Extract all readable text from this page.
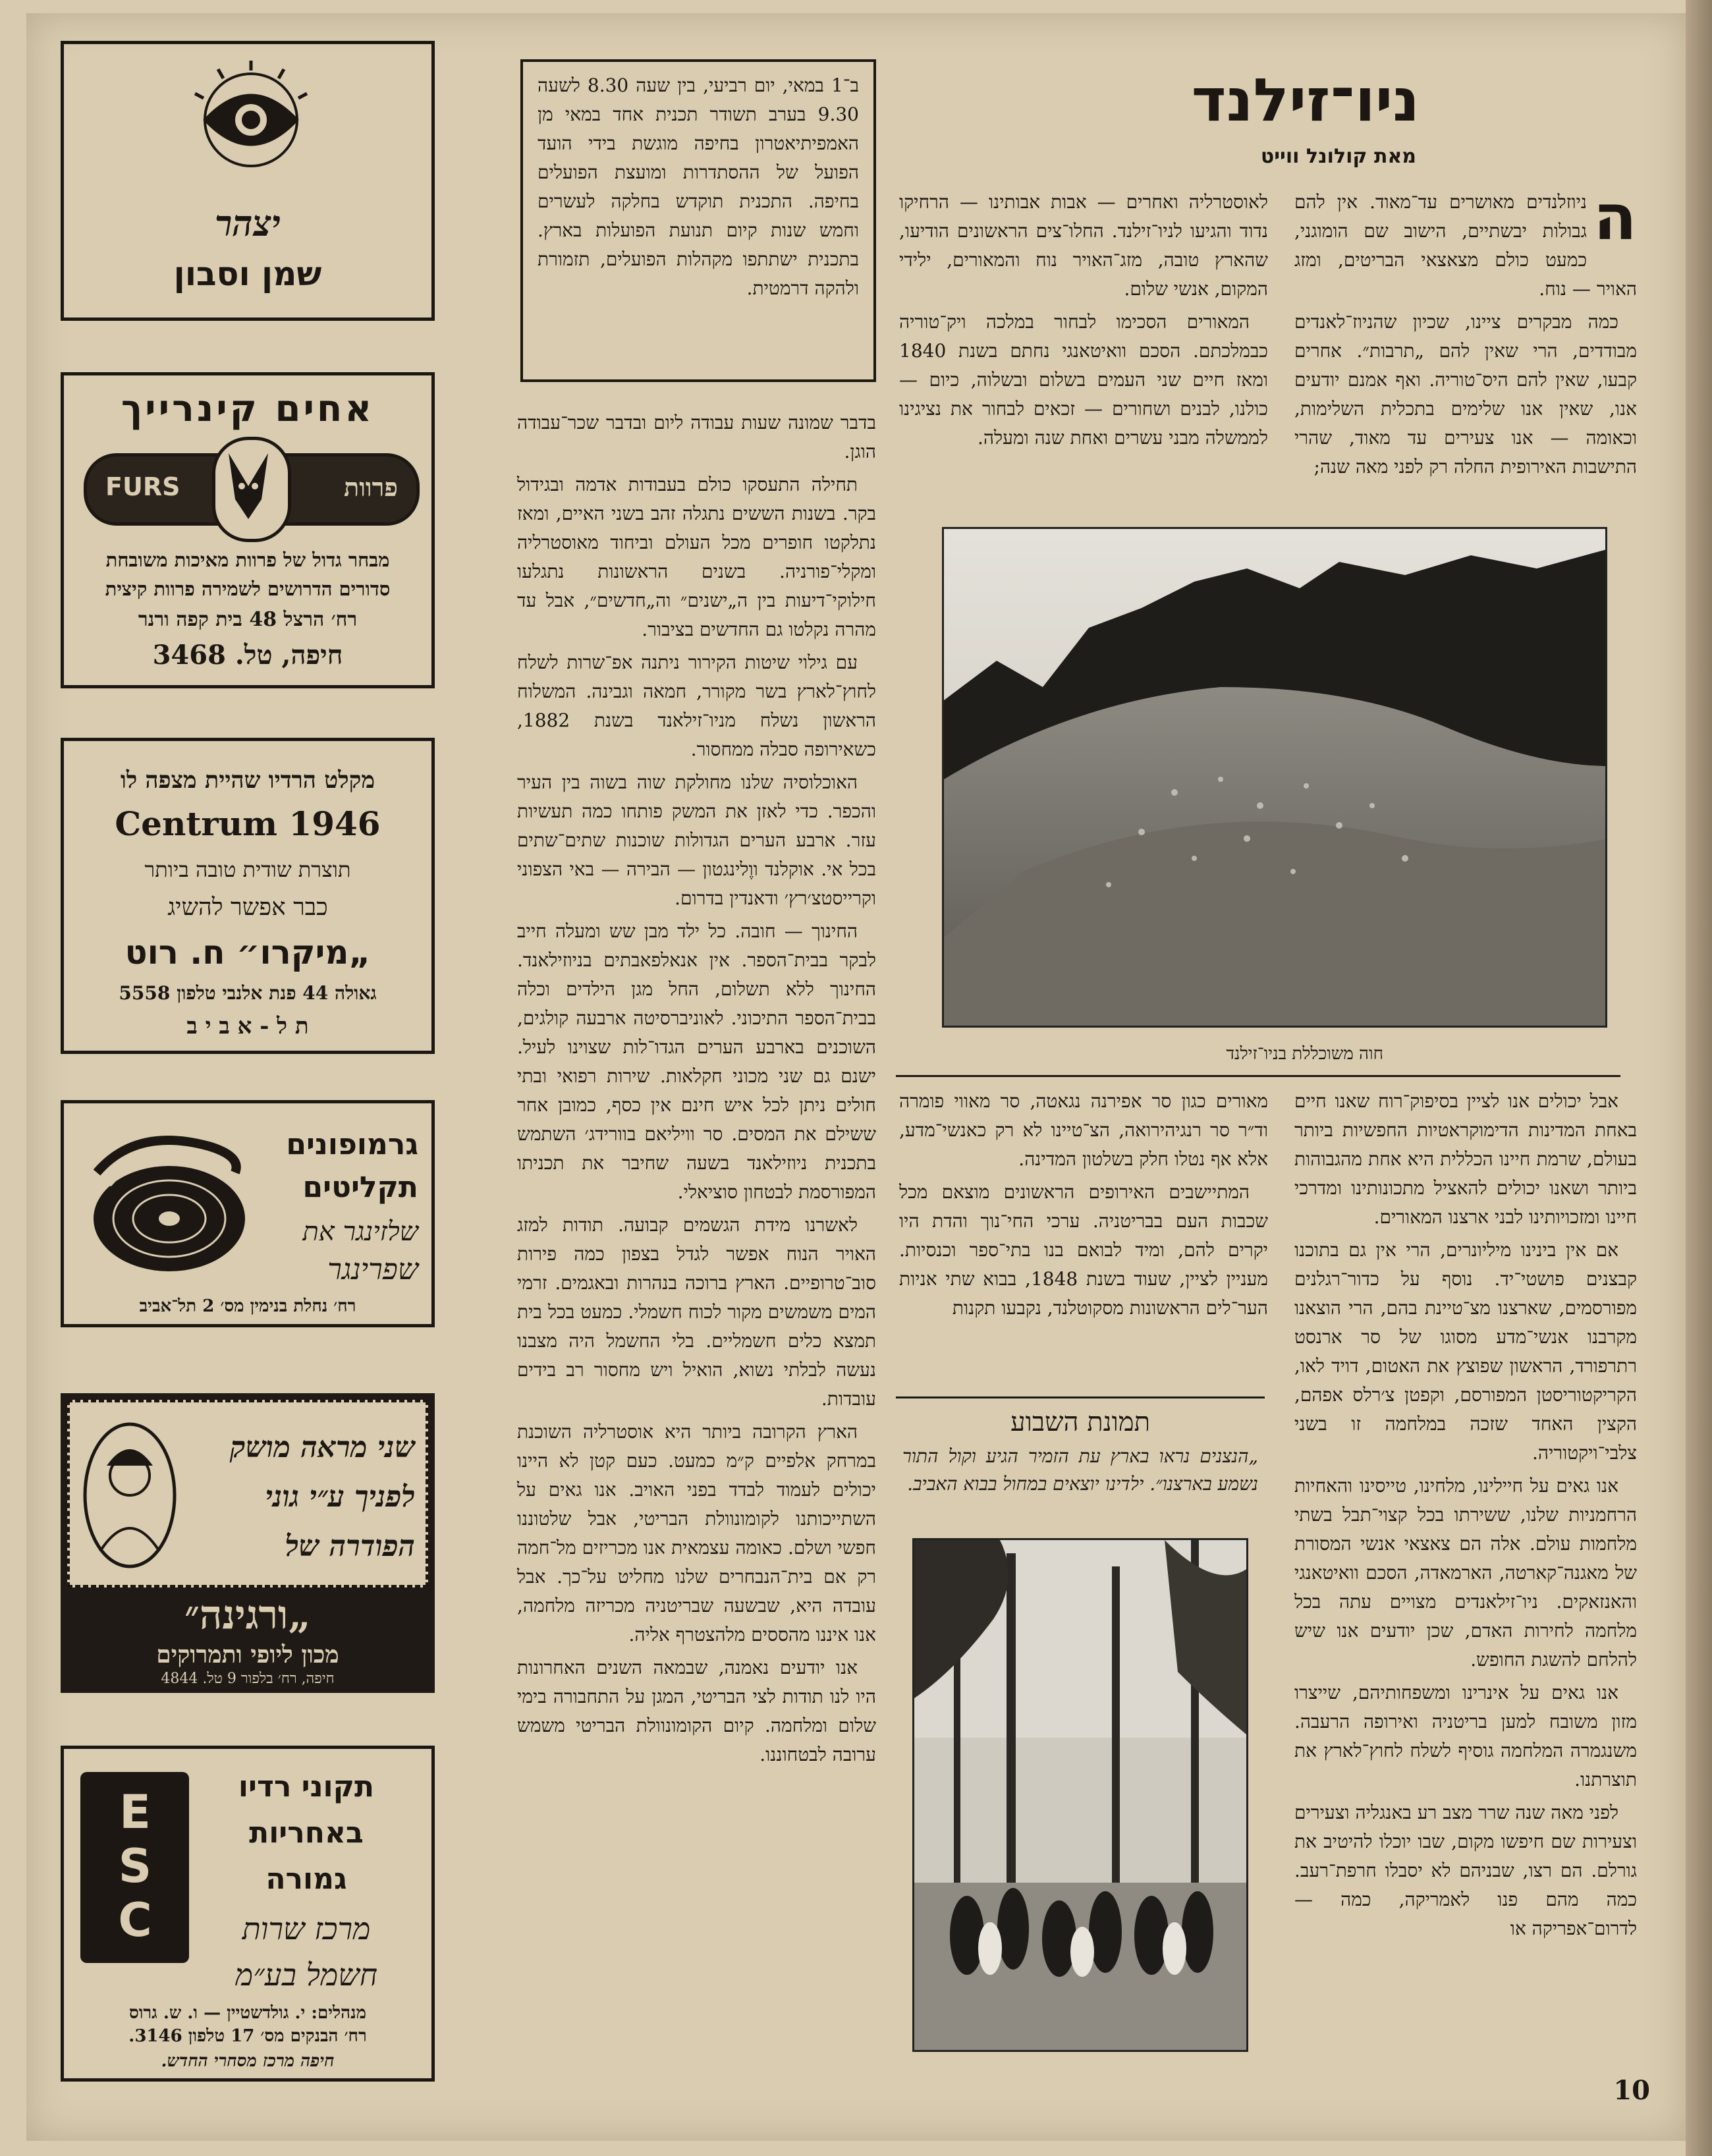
יצהר
שמן וסבון
אחים קינרייך
FURS	פרוות
מבחר גדול של פרוות מאיכות משובחת
סדורים הדרושים לשמירה פרוות קיצית
רח׳ הרצל 48 בית קפה ורנר
חיפה, טל. 3468
מקלט הרדיו שהיית מצפה לו
Centrum 1946
תוצרת שודית טובה ביותר
כבר אפשר להשיג
„מיקרו״ ח. רוט
גאולה 44 פנת אלנבי טלפון 5558
ת ל - א ב י ב
גרמופונים
תקליטים
שלזינגר את
שפרינגר
רח׳ נחלת בנימין מס׳ 2 תל־אביב
שני מראה מושק
לפניך ע״י גוני
הפודרה של
„ורגינה״
מכון ליופי ותמרוקים
חיפה, רח׳ בלפור 9 טל. 4844
ESC	תקוני רדיו
באחריות
גמורה
מרכז שרות
חשמל בע״מ
מנהלים: י. גולדשטיין — ו. ש. גרוס
רח׳ הבנקים מס׳ 17 טלפון 3146.
חיפה מרכז מסחרי החדש.
ניו־זילנד
מאת קולונל ווייט
ב־1 במאי, יום רביעי, בין שעה 8.30 לשעה 9.30 בערב תשודר תכנית אחד במאי מן האמפיתיאטרון בחיפה מוגשת בידי הועד הפועל של ההסתדרות ומועצת הפועלים בחיפה. התכנית תוקדש בחלקה לעשרים וחמש שנות קיום תנועת הפועלות בארץ. בתכנית ישתתפו מקהלות הפועלים, תזמורת ולהקה דרמטית.
ה

ניוזלנדים מאושרים עד־מאוד. אין להם גבולות יבשתיים, הישוב שם הומוגני, כמעט כולם מצאצאי הבריטים, ומזג האויר — נוח.

כמה מבקרים ציינו, שכיון שהניוז־לאנדים מבודדים, הרי שאין להם „תרבות״. אחרים קבעו, שאין להם היס־טוריה. ואף אמנם יודעים אנו, שאין אנו שלימים בתכלית השלימות, וכאומה — אנו צעירים עד מאוד, שהרי התישבות האירופית החלה רק לפני מאה שנה;

לאוסטרליה ואחרים — אבות אבותינו — הרחיקו נדוד והגיעו לניו־זילנד. החלו־צים הראשונים הודיעו, שהארץ טובה, מזג־האויר נוח והמאורים, ילידי המקום, אנשי שלום.

המאורים הסכימו לבחור במלכה ויק־טוריה כבמלכתם. הסכם וואיטאנגי נחתם בשנת 1840 ומאז חיים שני העמים בשלום ובשלוה, כיום — כולנו, לבנים ושחורים — זכאים לבחור את נציגינו לממשלה מבני עשרים ואחת שנה ומעלה.

חוה משוכללת בניו־זילנד

אבל יכולים אנו לציין בסיפוק־רוח שאנו חיים באחת המדינות הדימוקראטיות החפשיות ביותר בעולם, שרמת חיינו הכללית היא אחת מהגבוהות ביותר ושאנו יכולים להאציל מתכונותינו ומדרכי חיינו ומזכויותינו לבני ארצנו המאורים.

אם אין בינינו מיליונרים, הרי אין גם בתוכנו קבצנים פושטי־יד. נוסף על כדור־רגלנים מפורסמים, שארצנו מצ־טיינת בהם, הרי הוצאנו מקרבנו אנשי־מדע מסוגו של סר ארנסט רתרפורד, הראשון שפוצץ את האטום, דויד לאו, הקריקטוריסטן המפורסם, וקפטן צ׳רלס אפהם, הקצין האחד שזכה במלחמה זו בשני צלבי־ויקטוריה.

אנו גאים על חיילינו, מלחינו, טייסינו והאחיות הרחמניות שלנו, ששירתו בכל קצוי־תבל בשתי מלחמות עולם. אלה הם צאצאי אנשי המסורת של מאגנה־קארטה, הארמאדה, הסכם וואיטאנגי והאנזאקים. ניו־זילאנדים מצויים עתה בכל מלחמה לחירות האדם, שכן יודעים אנו שיש להלחם להשגת החופש.

אנו גאים על אינרינו ומשפחותיהם, שייצרו מזון משובח למען בריטניה ואירופה הרעבה. משנגמרה המלחמה גוסיף לשלח לחוץ־לארץ את תוצרתנו.

לפני מאה שנה שרר מצב רע באנגליה וצעירים וצעירות שם חיפשו מקום, שבו יוכלו להיטיב את גורלם. הם רצו, שבניהם לא יסבלו חרפת־רעב. כמה מהם פנו לאמריקה, כמה — לדרום־אפריקה או

מאורים כגון סר אפירנה נגאטה, סר מאווי פומרה וד״ר סר רנגיהירואה, הצ־טיינו לא רק כאנשי־מדע, אלא אף נטלו חלק בשלטון המדינה.

המתיישבים האירופים הראשונים מוצאם מכל שכבות העם בבריטניה. ערכי החי־נוך והדת היו יקרים להם, ומיד לבואם בנו בתי־ספר וכנסיות. מעניין לציין, שעוד בשנת 1848, בבוא שתי אניות הער־לים הראשונות מסקוטלנד, נקבעו תקנות

תמונת השבוע
„הנצנים נראו בארץ עת הזמיר הגיע וקול התור נשמע בארצנו״. ילדינו יוצאים במחול בבוא האביב.

בדבר שמונה שעות עבודה ליום ובדבר שכר־עבודה הוגן.

תחילה התעסקו כולם בעבודות אדמה ובגידול בקר. בשנות הששים נתגלה זהב בשני האיים, ומאז נתלקטו חופרים מכל העולם וביחוד מאוסטרליה ומקלי־פורניה. בשנים הראשונות נתגלעו חילוקי־דיעות בין ה„ישנים״ וה„חדשים״, אבל עד מהרה נקלטו גם החדשים בציבור.

עם גילוי שיטות הקירור ניתנה אפ־שרות לשלח לחוץ־לארץ בשר מקורר, חמאה וגבינה. המשלוח הראשון נשלח מניו־זילאנד בשנת 1882, כשאירופה סבלה ממחסור.

האוכלוסיה שלנו מחולקת שוה בשוה בין העיר והכפר. כדי לאזן את המשק פותחו כמה תעשיות עזר. ארבע הערים הגדולות שוכנות שתים־שתים בכל אי. אוקלנד ווֶלינגטון — הבירה — באי הצפוני וקרייסטצ׳רץ׳ ודאנדין בדרום.

החינוך — חובה. כל ילד מבן שש ומעלה חייב לבקר בבית־הספר. אין אנאלפאבתים בניוזילאנד. החינוך ללא תשלום, החל מגן הילדים וכלה בבית־הספר התיכוני. לאוניברסיטה ארבעה קולגים, השוכנים בארבע הערים הגדו־לות שצוינו לעיל. ישנם גם שני מכוני חקלאות. שירות רפואי ובתי חולים ניתן לכל איש חינם אין כסף, כמובן אחר ששילם את המסים. סר וויליאם בוורידג׳ השתמש בתכנית ניוזילאנד בשעה שחיבר את תכניתו המפורסמת לבטחון סוציאלי.

לאשרנו מידת הגשמים קבועה. תודות למזג האויר הנוח אפשר לגדל בצפון כמה פירות סוב־טרופיים. הארץ ברוכה בנהרות ובאגמים. זרמי המים משמשים מקור לכוח חשמלי. כמעט בכל בית תמצא כלים חשמליים. בלי החשמל היה מצבנו נעשה לבלתי נשוא, הואיל ויש מחסור רב בידים עובדות.

הארץ הקרובה ביותר היא אוסטרליה השוכנת במרחק אלפיים ק״מ כמעט. כעם קטן לא היינו יכולים לעמוד לבדד בפני האויב. אנו גאים על השתייכותנו לקומונוולת הבריטי, אבל שלטוננו חפשי ושלם. כאומה עצמאית אנו מכריזים מל־חמה רק אם בית־הנבחרים שלנו מחליט על־כך. אבל עובדה היא, שבשעה שבריטניה מכריזה מלחמה, אנו איננו מהססים מלהצטרף אליה.

אנו יודעים נאמנה, שבמאה השנים האחרונות היו לנו תודות לצי הבריטי, המגן על התחבורה בימי שלום ומלחמה. קיום הקומונוולת הבריטי משמש ערובה לבטחוננו.

10
